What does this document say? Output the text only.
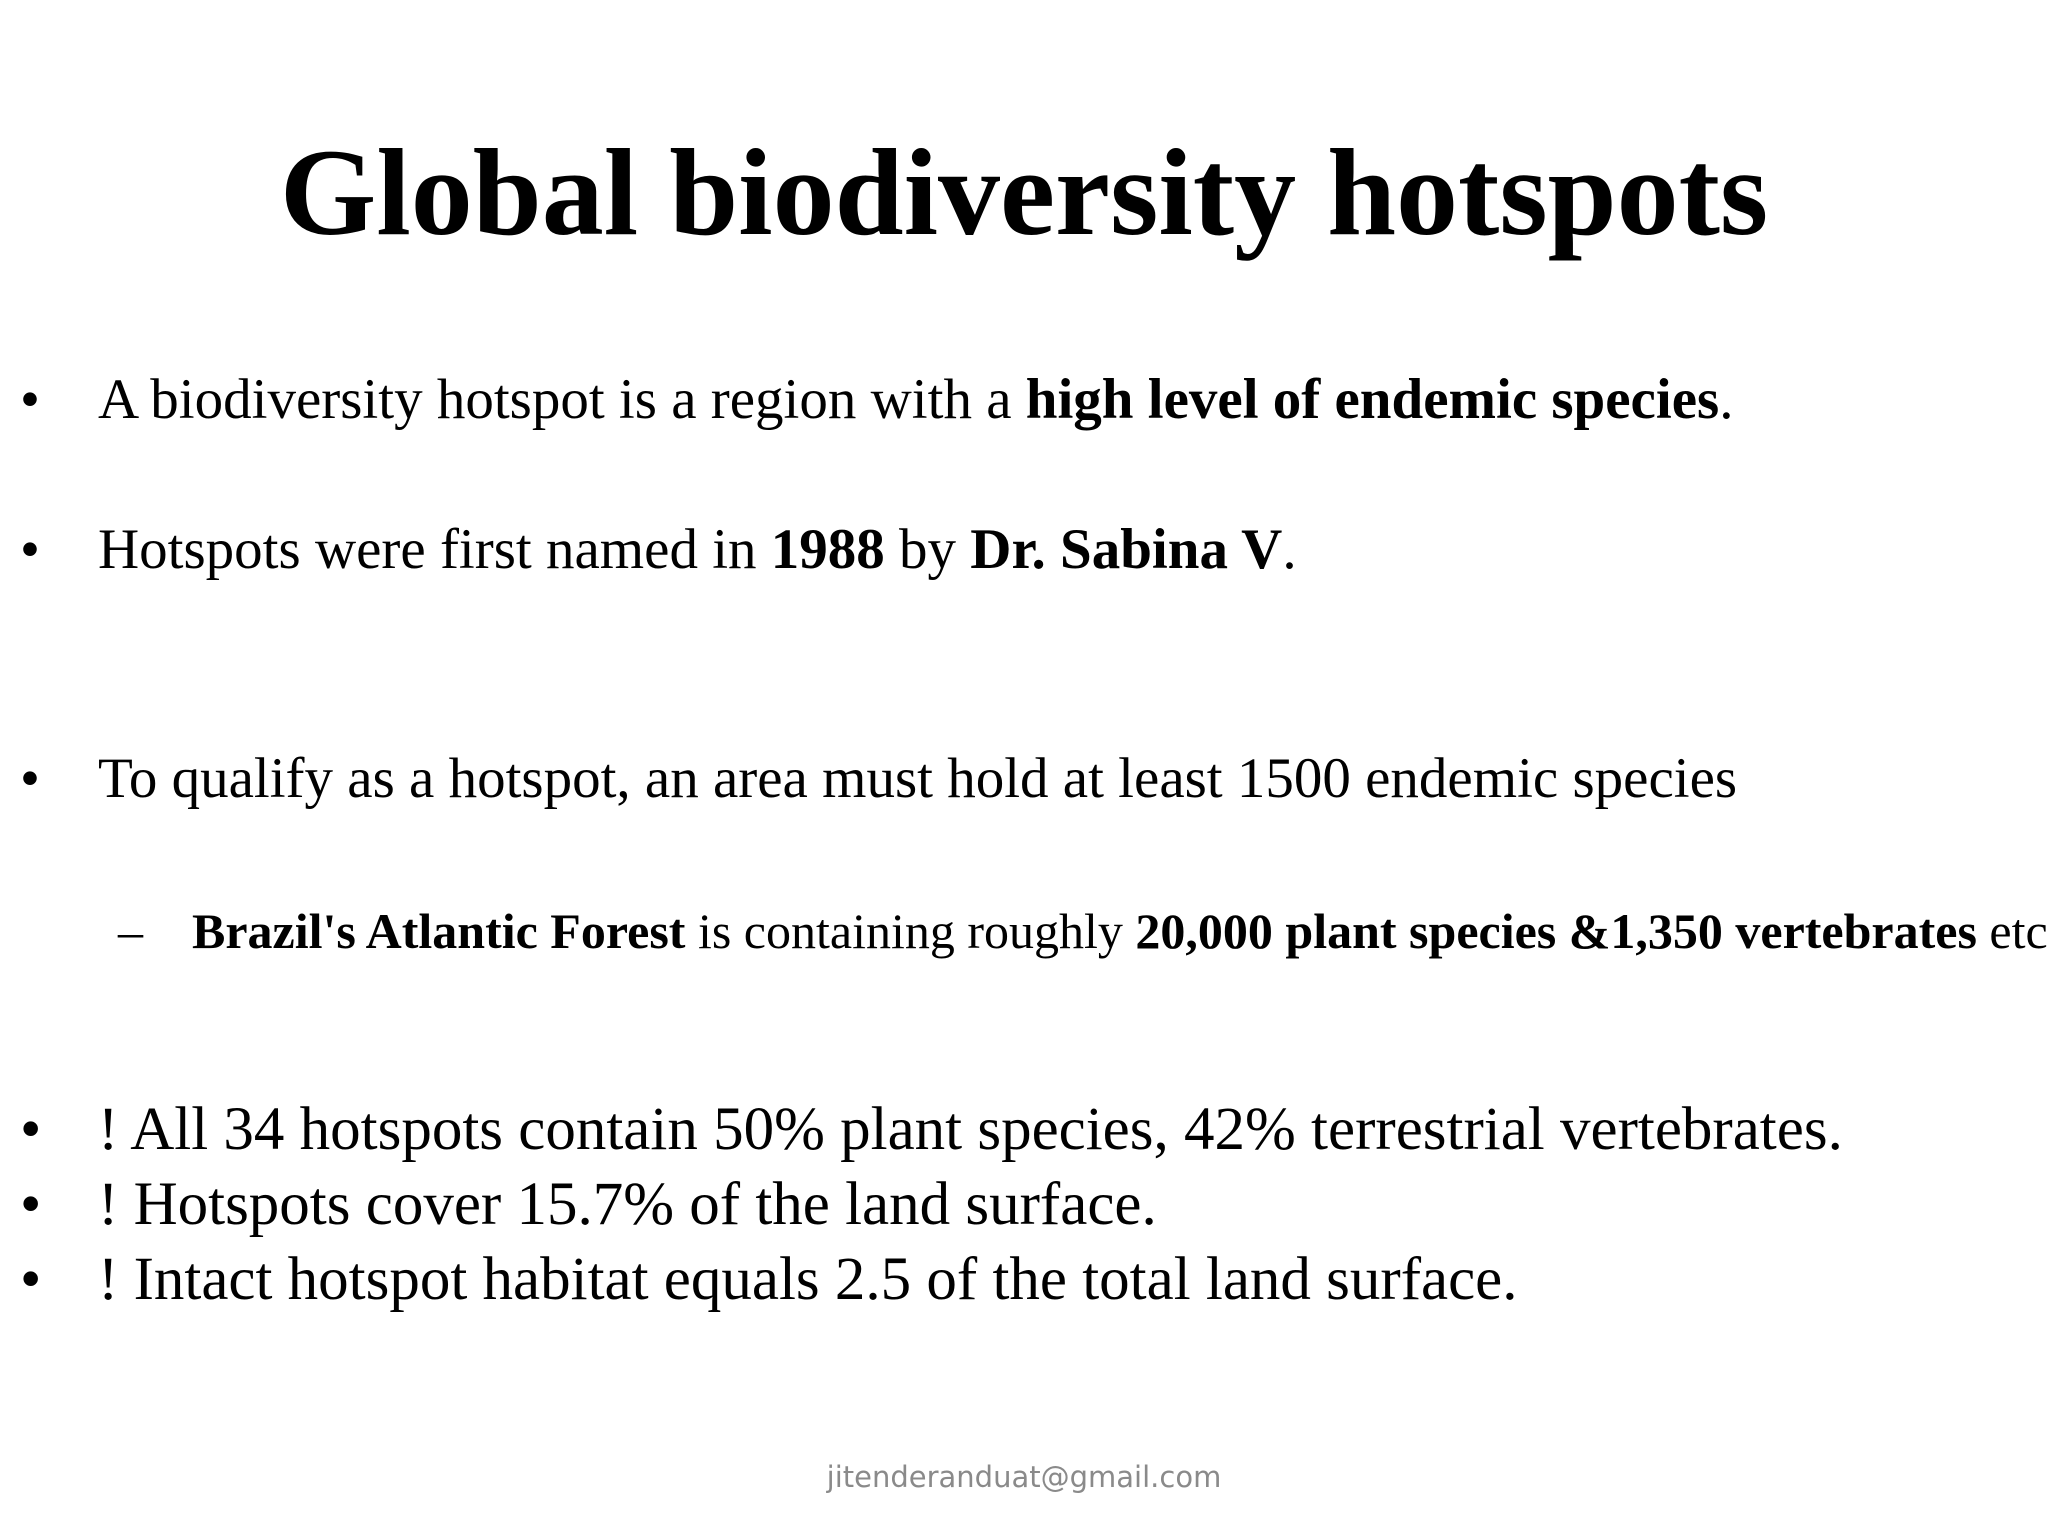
Global biodiversity hotspots
•	A biodiversity hotspot is a region with a high level of endemic species.
•	Hotspots were first named in 1988 by Dr. Sabina V.
•	To qualify as a hotspot, an area must hold at least 1500 endemic species
– Brazil's Atlantic Forest is containing roughly 20,000 plant species &1,350 vertebrates etc
• ! All 34 hotspots contain 50% plant species, 42% terrestrial vertebrates.
• ! Hotspots cover 15.7% of the land surface.
• ! Intact hotspot habitat equals 2.5 of the total land surface.
jitenderanduat@gmail.com
